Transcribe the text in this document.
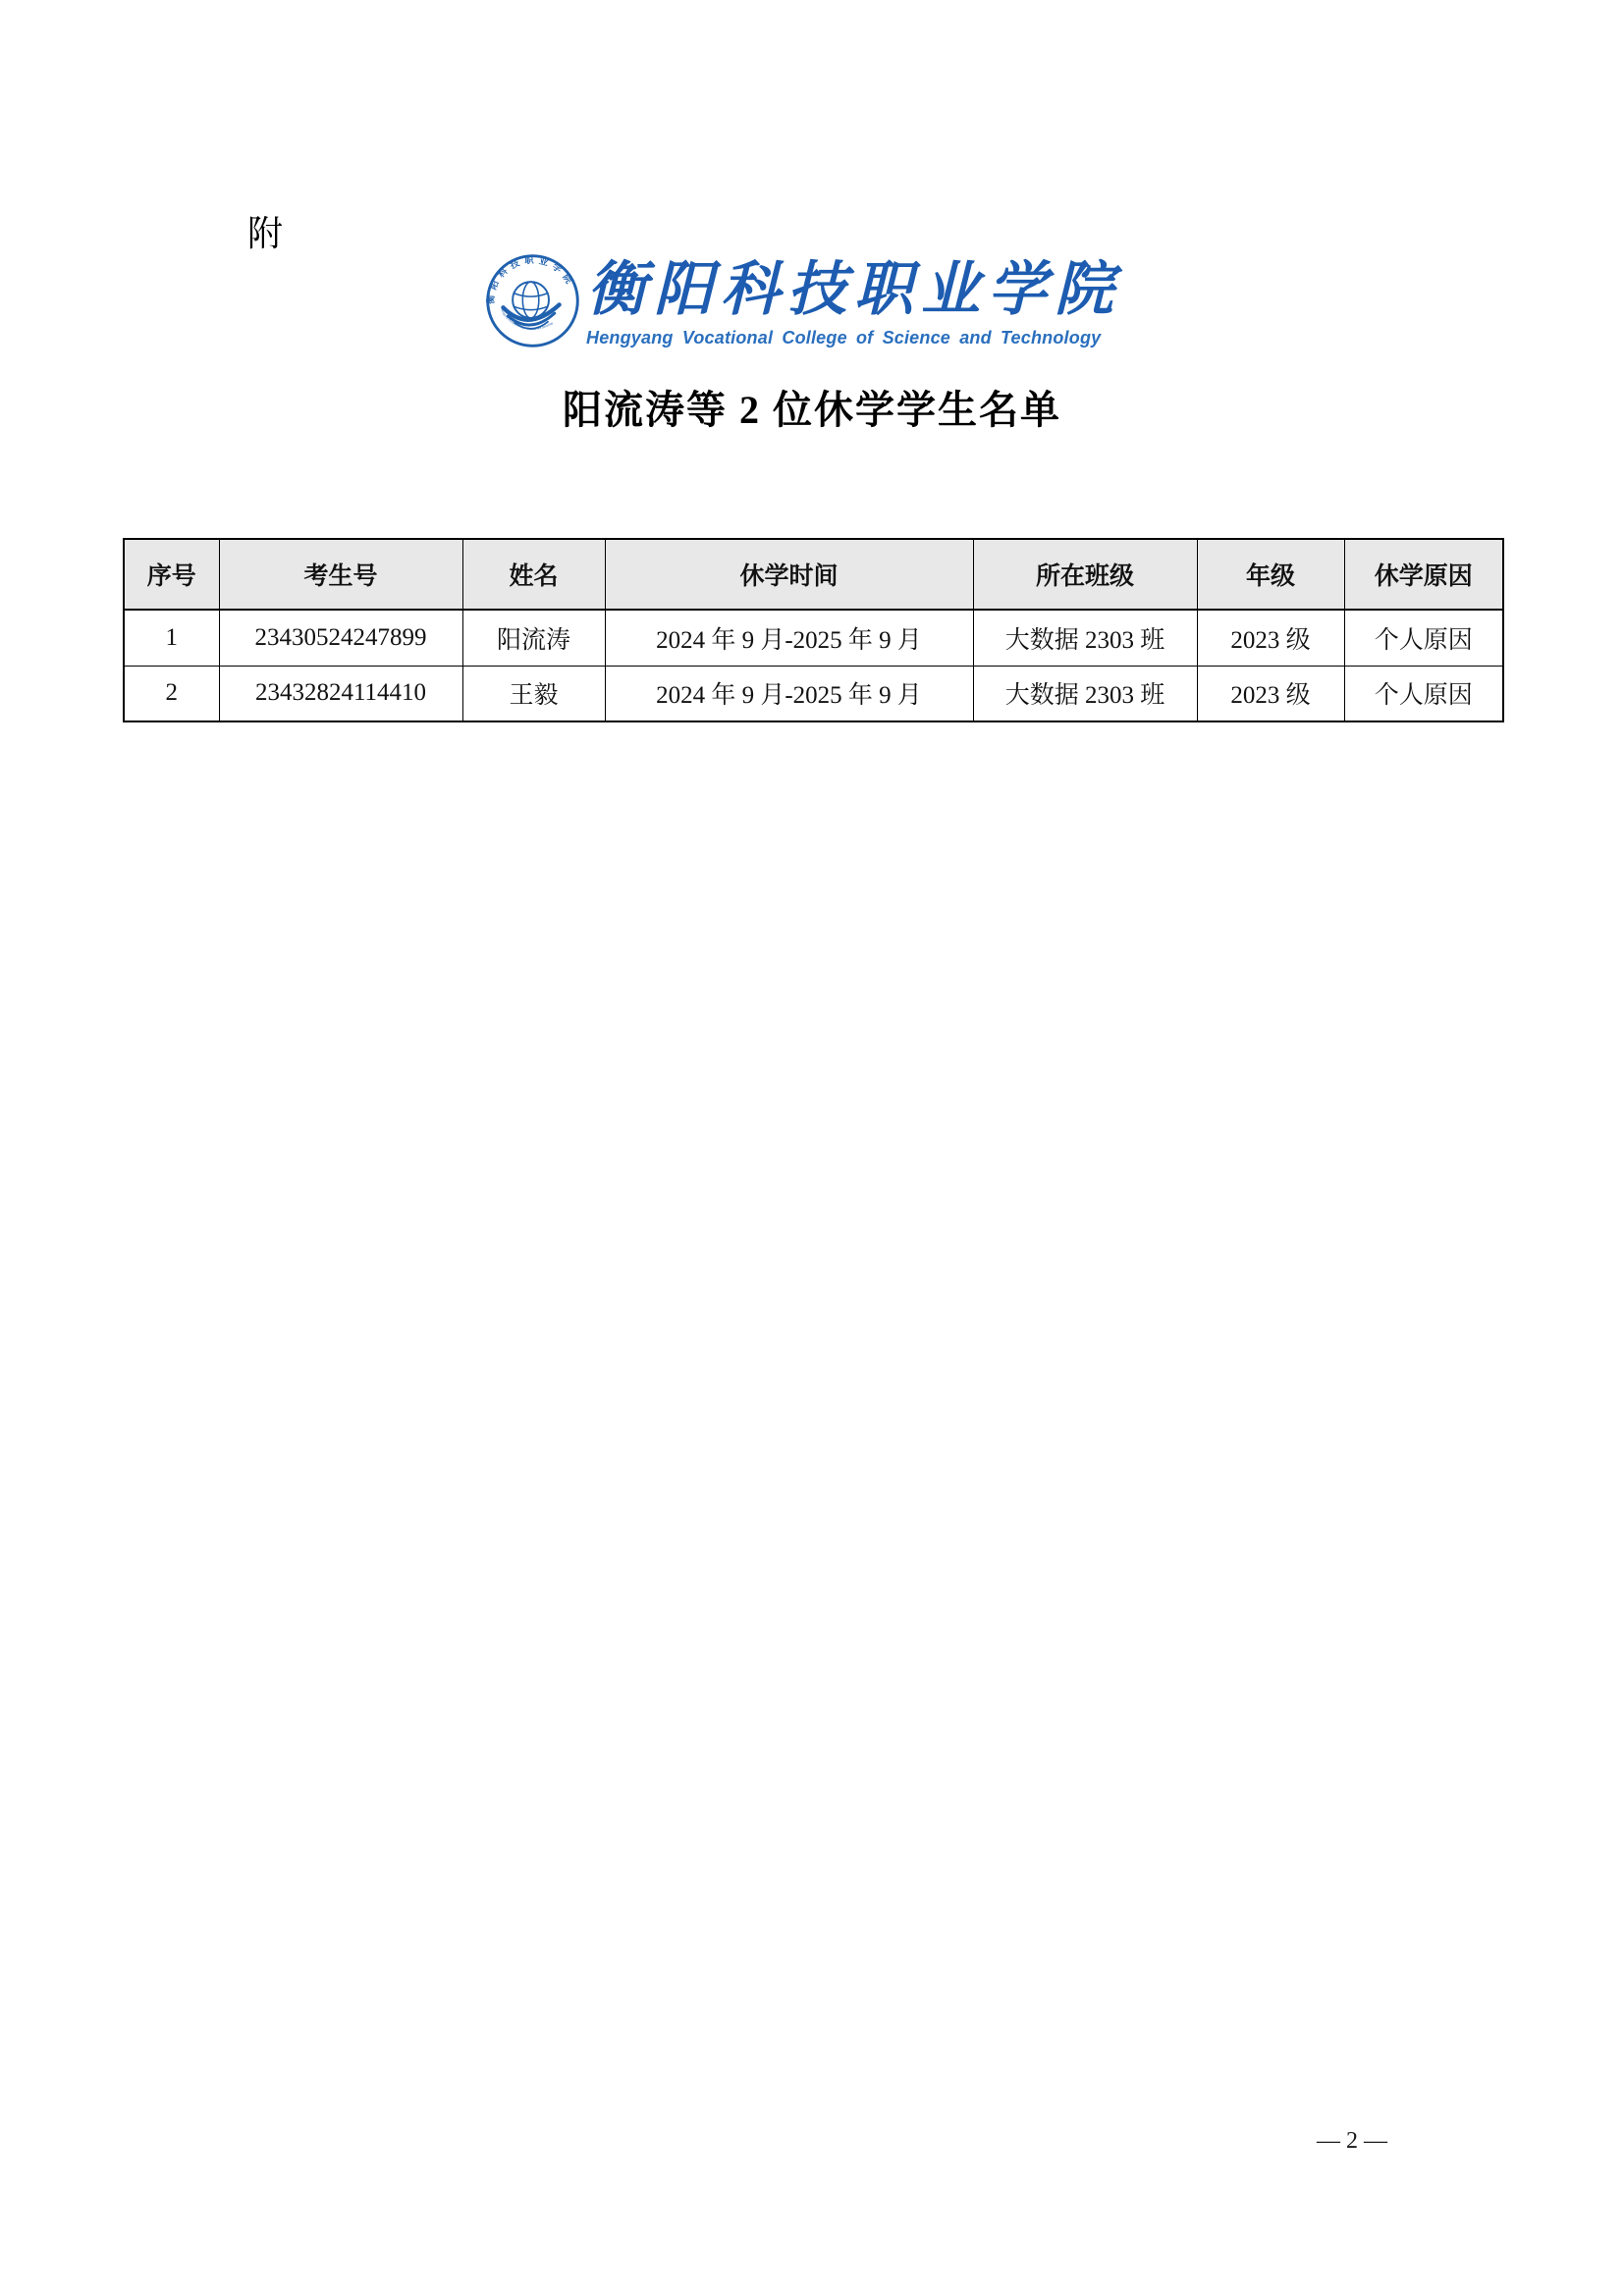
附
衡阳科技职业学院
Hengyang Vocational College of Science and Technology
衡阳科技职业学院
Hengyang Vocational College of Science and Technology
阳流涛等 2 位休学学生名单
序号	考生号	姓名	休学时间	所在班级	年级	休学原因
1	23430524247899	阳流涛	2024 年 9 月-2025 年 9 月	大数据 2303 班	2023 级	个人原因
2	23432824114410	王毅	2024 年 9 月-2025 年 9 月	大数据 2303 班	2023 级	个人原因
— 2 —
